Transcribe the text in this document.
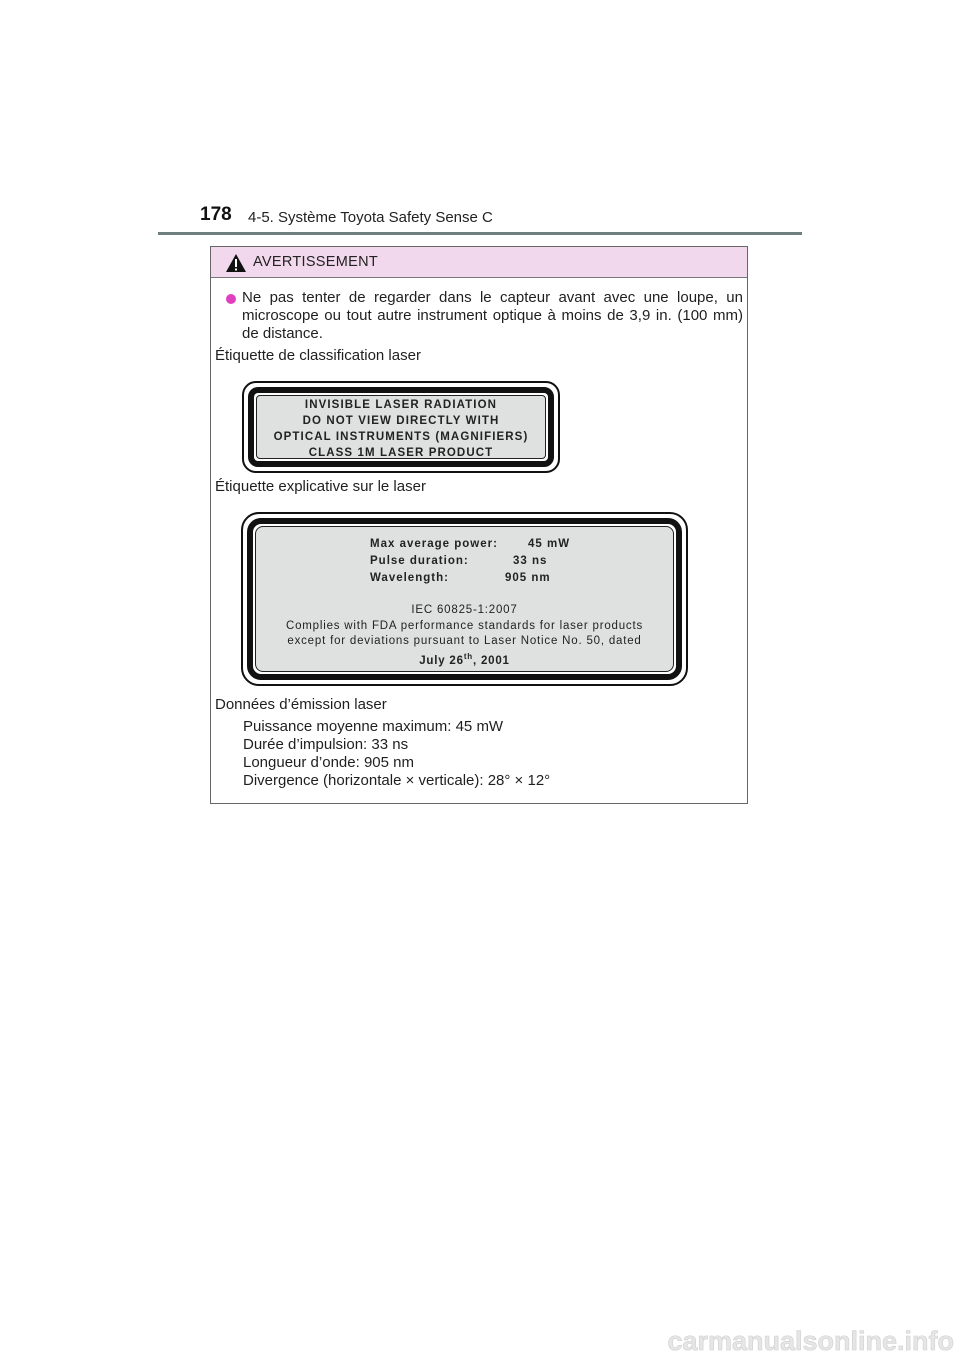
178 4-5. Système Toyota Safety Sense C
AVERTISSEMENT
Ne pas tenter de regarder dans le capteur avant avec une loupe, un
microscope ou tout autre instrument optique à moins de 3,9 in. (100 mm)
de distance.
Étiquette de classification laser
INVISIBLE LASER RADIATION
DO NOT VIEW DIRECTLY WITH
OPTICAL INSTRUMENTS (MAGNIFIERS)
CLASS 1M LASER PRODUCT
Étiquette explicative sur le laser
Max average power:	45 mW
Pulse duration:	33 ns
Wavelength:	905 nm
IEC 60825-1:2007
Complies with FDA performance standards for laser products
except for deviations pursuant to Laser Notice No. 50, dated
July 26th, 2001
Données d’émission laser
Puissance moyenne maximum: 45 mW
Durée d’impulsion: 33 ns
Longueur d’onde: 905 nm
Divergence (horizontale × verticale): 28° × 12°
carmanualsonline.info
